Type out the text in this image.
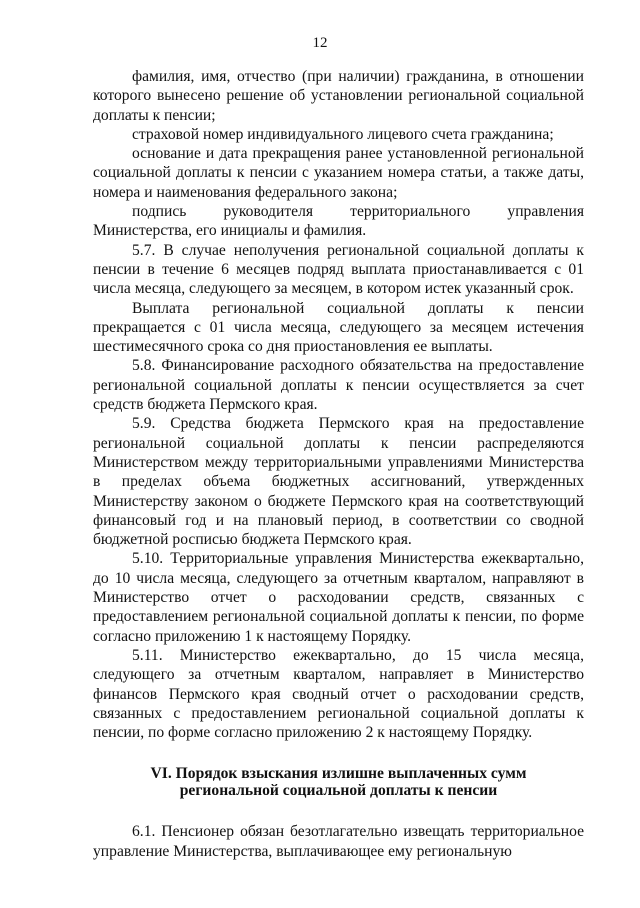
12

фамилия, имя, отчество (при наличии) гражданина, в отношении которого вынесено решение об установлении региональной социальной доплаты к пенсии;

страховой номер индивидуального лицевого счета гражданина;

основание и дата прекращения ранее установленной региональной социальной доплаты к пенсии с указанием номера статьи, а также даты, номера и наименования федерального закона;

подпись руководителя территориального управления Министерства, его инициалы и фамилия.

5.7. В случае неполучения региональной социальной доплаты к пенсии в течение 6 месяцев подряд выплата приостанавливается с 01 числа месяца, следующего за месяцем, в котором истек указанный срок.

Выплата региональной социальной доплаты к пенсии прекращается с 01 числа месяца, следующего за месяцем истечения шестимесячного срока со дня приостановления ее выплаты.

5.8. Финансирование расходного обязательства на предоставление региональной социальной доплаты к пенсии осуществляется за счет средств бюджета Пермского края.

5.9. Средства бюджета Пермского края на предоставление региональной социальной доплаты к пенсии распределяются Министерством между территориальными управлениями Министерства в пределах объема бюджетных ассигнований, утвержденных Министерству законом о бюджете Пермского края на соответствующий финансовый год и на плановый период, в соответствии со сводной бюджетной росписью бюджета Пермского края.

5.10. Территориальные управления Министерства ежеквартально, до 10 числа месяца, следующего за отчетным кварталом, направляют в Министерство отчет о расходовании средств, связанных с предоставлением региональной социальной доплаты к пенсии, по форме согласно приложению 1 к настоящему Порядку.

5.11. Министерство ежеквартально, до 15 числа месяца, следующего за отчетным кварталом, направляет в Министерство финансов Пермского края сводный отчет о расходовании средств, связанных с предоставлением региональной социальной доплаты к пенсии, по форме согласно приложению 2 к настоящему Порядку.

VI. Порядок взыскания излишне выплаченных сумм
региональной социальной доплаты к пенсии

6.1. Пенсионер обязан безотлагательно извещать территориальное управление Министерства, выплачивающее ему региональную
